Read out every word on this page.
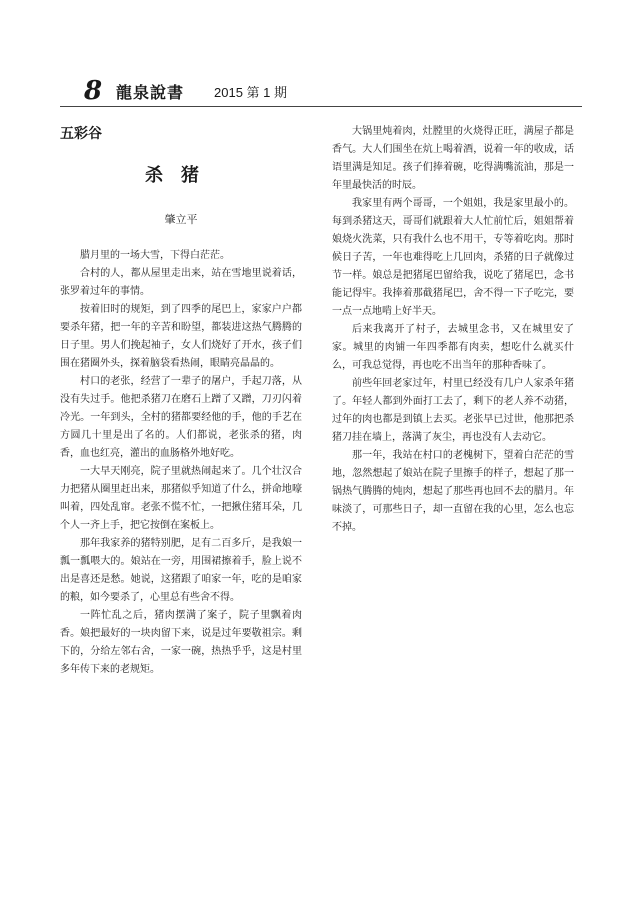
8 龍泉說書 2015 第 1 期
五彩谷
杀猪
肇立平

腊月里的一场大雪，下得白茫茫。

合村的人，都从屋里走出来，站在雪地里说着话，张罗着过年的事情。

按着旧时的规矩，到了四季的尾巴上，家家户户都要杀年猪，把一年的辛苦和盼望，都装进这热气腾腾的日子里。男人们挽起袖子，女人们烧好了开水，孩子们围在猪圈外头，探着脑袋看热闹，眼睛亮晶晶的。

村口的老张，经营了一辈子的屠户，手起刀落，从没有失过手。他把杀猪刀在磨石上蹭了又蹭，刀刃闪着冷光。一年到头，全村的猪都要经他的手，他的手艺在方圆几十里是出了名的。人们都说，老张杀的猪，肉香，血也红亮，灌出的血肠格外地好吃。

一大早天刚亮，院子里就热闹起来了。几个壮汉合力把猪从圈里赶出来，那猪似乎知道了什么，拼命地嚎叫着，四处乱窜。老张不慌不忙，一把揪住猪耳朵，几个人一齐上手，把它按倒在案板上。

那年我家养的猪特别肥，足有二百多斤，是我娘一瓢一瓢喂大的。娘站在一旁，用围裙擦着手，脸上说不出是喜还是愁。她说，这猪跟了咱家一年，吃的是咱家的粮，如今要杀了，心里总有些舍不得。

一阵忙乱之后，猪肉摆满了案子，院子里飘着肉香。娘把最好的一块肉留下来，说是过年要敬祖宗。剩下的，分给左邻右舍，一家一碗，热热乎乎，这是村里多年传下来的老规矩。

大锅里炖着肉，灶膛里的火烧得正旺，满屋子都是香气。大人们围坐在炕上喝着酒，说着一年的收成，话语里满是知足。孩子们捧着碗，吃得满嘴流油，那是一年里最快活的时辰。

我家里有两个哥哥，一个姐姐，我是家里最小的。每到杀猪这天，哥哥们就跟着大人忙前忙后，姐姐帮着娘烧火洗菜，只有我什么也不用干，专等着吃肉。那时候日子苦，一年也难得吃上几回肉，杀猪的日子就像过节一样。娘总是把猪尾巴留给我，说吃了猪尾巴，念书能记得牢。我捧着那截猪尾巴，舍不得一下子吃完，要一点一点地啃上好半天。

后来我离开了村子，去城里念书，又在城里安了家。城里的肉铺一年四季都有肉卖，想吃什么就买什么，可我总觉得，再也吃不出当年的那种香味了。

前些年回老家过年，村里已经没有几户人家杀年猪了。年轻人都到外面打工去了，剩下的老人养不动猪，过年的肉也都是到镇上去买。老张早已过世，他那把杀猪刀挂在墙上，落满了灰尘，再也没有人去动它。

那一年，我站在村口的老槐树下，望着白茫茫的雪地，忽然想起了娘站在院子里擦手的样子，想起了那一锅热气腾腾的炖肉，想起了那些再也回不去的腊月。年味淡了，可那些日子，却一直留在我的心里，怎么也忘不掉。
